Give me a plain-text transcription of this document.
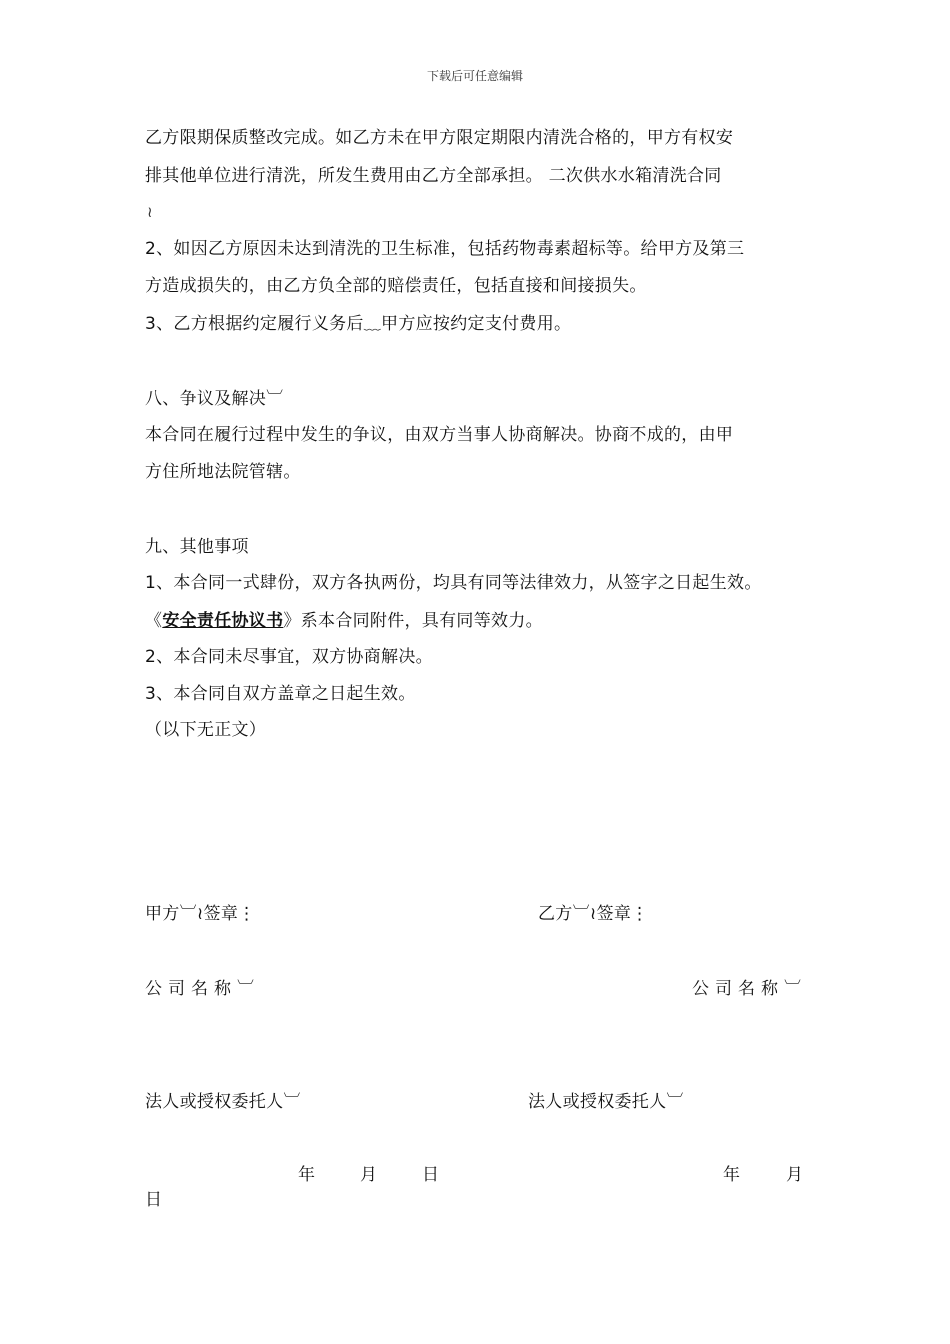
下载后可任意编辑
乙方限期保质整改完成。如乙方未在甲方限定期限内清洗合格的，甲方有权安
排其他单位进行清洗，所发生费用由乙方全部承担。 二次供水水箱清洗合同
≀
2、如因乙方原因未达到清洗的卫生标准，包括药物毒素超标等。给甲方及第三
方造成损失的，由乙方负全部的赔偿责任，包括直接和间接损失。
3、乙方根据约定履行义务后﹏甲方应按约定支付费用。
八、争议及解决︺
本合同在履行过程中发生的争议，由双方当事人协商解决。协商不成的，由甲
方住所地法院管辖。
九、其他事项
1、本合同一式肆份，双方各执两份，均具有同等法律效力，从签字之日起生效。
《安全责任协议书》系本合同附件，具有同等效力。
2、本合同未尽事宜，双方协商解决。
3、本合同自双方盖章之日起生效。
（以下无正文）
甲方︺≀签章⋮	乙方︺≀签章⋮
公司名称︺	公司名称︺
法人或授权委托人︺	法人或授权委托人︺
年	月	日	年	月
日
